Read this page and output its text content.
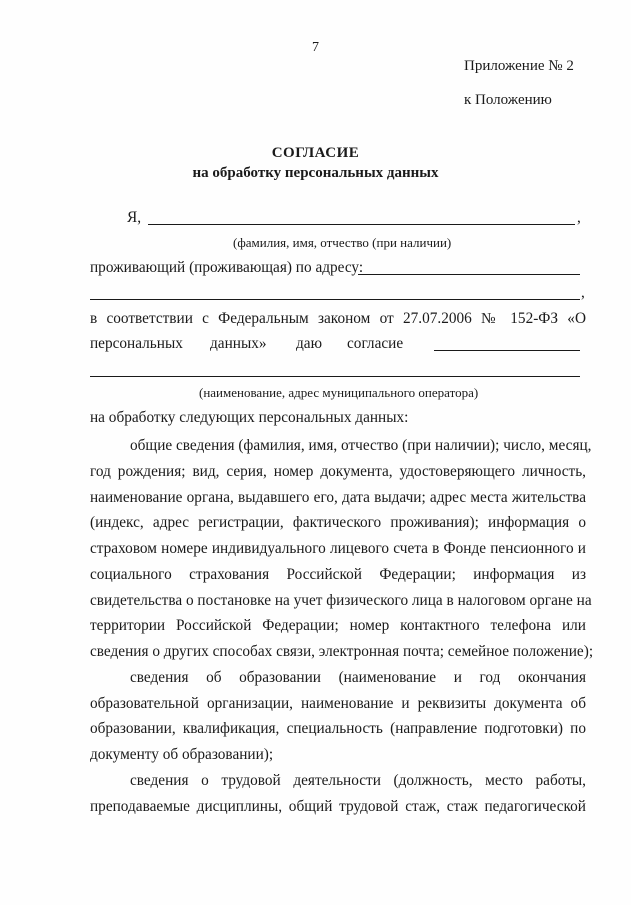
7
Приложение № 2
к Положению
СОГЛАСИЕ
на обработку персональных данных
Я,	,
(фамилия, имя, отчество (при наличии)
проживающий (проживающая) по адресу:
,
в соответствии с Федеральным законом от 27.07.2006 № 152-ФЗ «О
персональных данных» даю согласие
(наименование, адрес муниципального оператора)
на обработку следующих персональных данных:
общие сведения (фамилия, имя, отчество (при наличии); число, месяц,
год рождения; вид, серия, номер документа, удостоверяющего личность,
наименование органа, выдавшего его, дата выдачи; адрес места жительства
(индекс, адрес регистрации, фактического проживания); информация о
страховом номере индивидуального лицевого счета в Фонде пенсионного и
социального страхования Российской Федерации; информация из
свидетельства о постановке на учет физического лица в налоговом органе на
территории Российской Федерации; номер контактного телефона или
сведения о других способах связи, электронная почта; семейное положение);
сведения об образовании (наименование и год окончания
образовательной организации, наименование и реквизиты документа об
образовании, квалификация, специальность (направление подготовки) по
документу об образовании);
сведения о трудовой деятельности (должность, место работы,
преподаваемые дисциплины, общий трудовой стаж, стаж педагогической
